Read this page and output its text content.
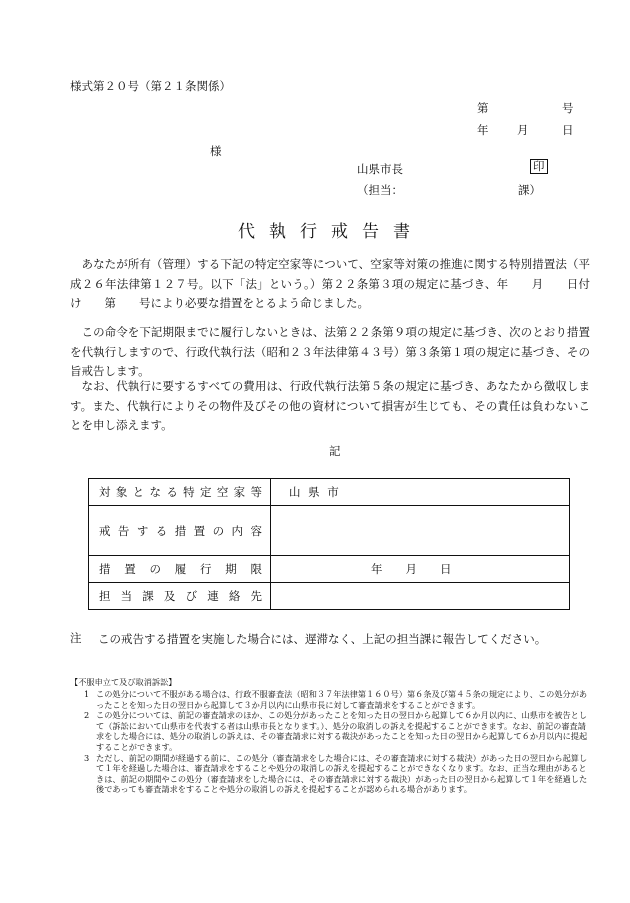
様式第２０号（第２１条関係）
第	号
年 月	日
様
山県市長	印
（担当：	課）
代執行戒告書

あなたが所有（管理）する下記の特定空家等について、空家等対策の推進に関する特別措置法（平成２６年法律第１２７号。以下「法」という。）第２２条第３項の規定に基づき、年　　月　　日付け　　第　　号により必要な措置をとるよう命じました。

この命令を下記期限までに履行しないときは、法第２２条第９項の規定に基づき、次のとおり措置を代執行しますので、行政代執行法（昭和２３年法律第４３号）第３条第１項の規定に基づき、その旨戒告します。

なお、代執行に要するすべての費用は、行政代執行法第５条の規定に基づき、あなたから徴収します。また、代執行によりその物件及びその他の資材について損害が生じても、その責任は負わないことを申し添えます。

記
対象となる特定空家等	山 県 市
戒告する措置の内容	
措置の履行期限	年　　月　　日
担当課及び連絡先	
注 この戒告する措置を実施した場合には、遅滞なく、上記の担当課に報告してください。
【不服申立て及び取消訴訟】
1 この処分について不服がある場合は、行政不服審査法（昭和３７年法律第１６０号）第６条及び第４５条の規定により、この処分があったことを知った日の翌日から起算して３か月以内に山県市長に対して審査請求をすることができます。
2 この処分については、前記の審査請求のほか、この処分があったことを知った日の翌日から起算して６か月以内に、山県市を被告として（訴訟において山県市を代表する者は山県市長となります。）、処分の取消しの訴えを提起することができます。なお、前記の審査請求をした場合には、処分の取消しの訴えは、その審査請求に対する裁決があったことを知った日の翌日から起算して６か月以内に提起することができます。
3 ただし、前記の期間が経過する前に、この処分（審査請求をした場合には、その審査請求に対する裁決）があった日の翌日から起算して１年を経過した場合は、審査請求をすることや処分の取消しの訴えを提起することができなくなります。なお、正当な理由があるときは、前記の期間やこの処分（審査請求をした場合には、その審査請求に対する裁決）があった日の翌日から起算して１年を経過した後であっても審査請求をすることや処分の取消しの訴えを提起することが認められる場合があります。
